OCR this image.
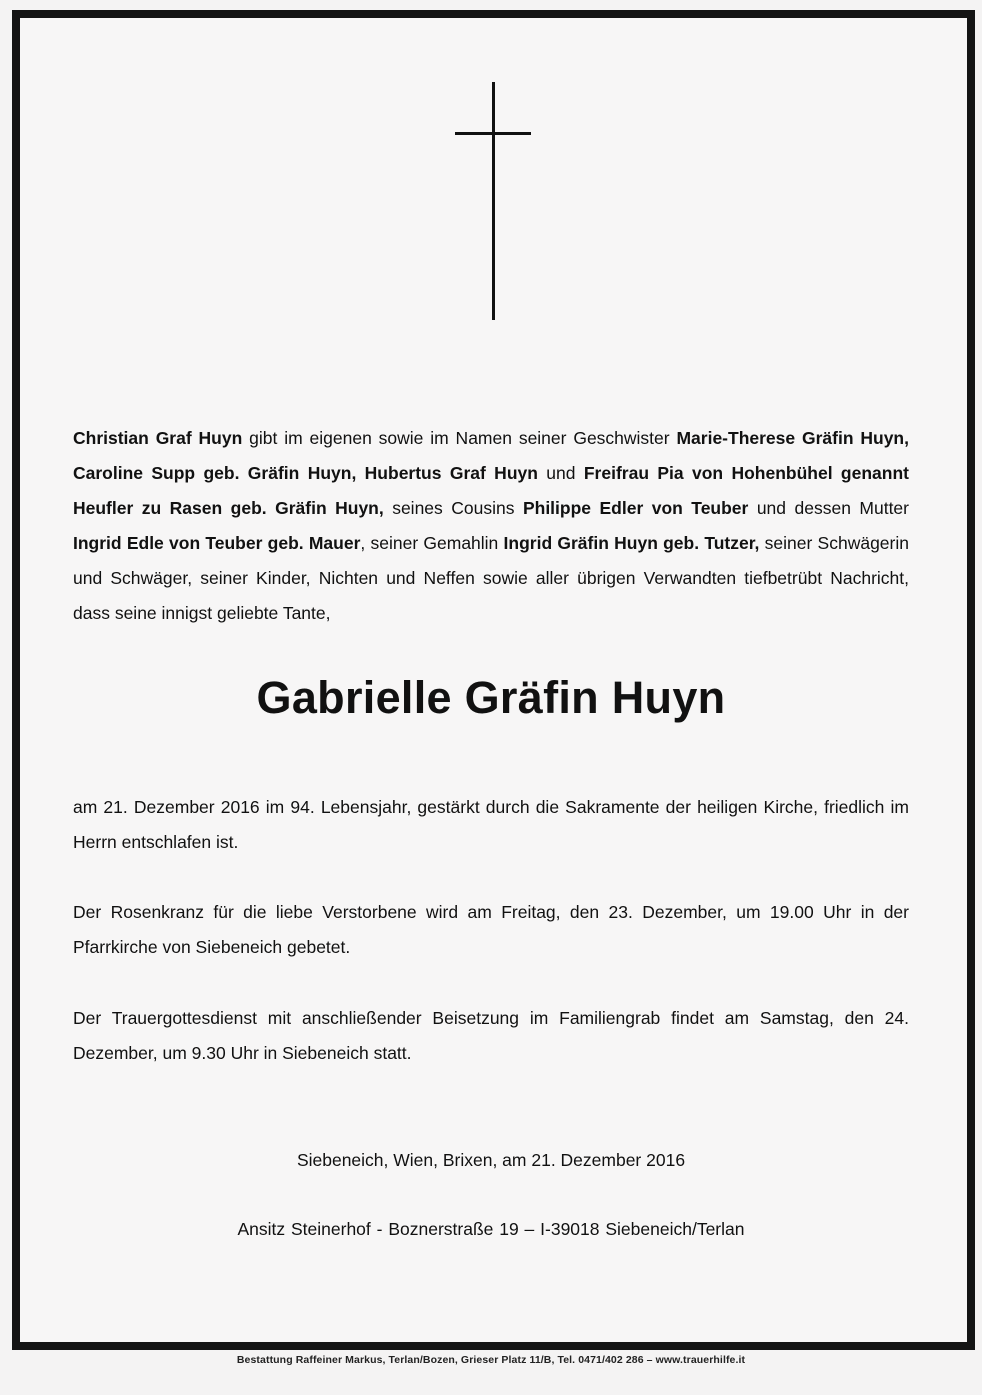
Christian Graf Huyn gibt im eigenen sowie im Namen seiner Geschwister Marie-Therese Gräfin Huyn, Caroline Supp geb. Gräfin Huyn, Hubertus Graf Huyn und Freifrau Pia von Hohenbühel genannt Heufler zu Rasen geb. Gräfin Huyn, seines Cousins Philippe Edler von Teuber und dessen Mutter Ingrid Edle von Teuber geb. Mauer, seiner Gemahlin Ingrid Gräfin Huyn geb. Tutzer, seiner Schwägerin und Schwäger, seiner Kinder, Nichten und Neffen sowie aller übrigen Verwandten tiefbetrübt Nachricht, dass seine innigst geliebte Tante,
Gabrielle Gräfin Huyn
am 21. Dezember 2016 im 94. Lebensjahr, gestärkt durch die Sakramente der heiligen Kirche, friedlich im Herrn entschlafen ist.
Der Rosenkranz für die liebe Verstorbene wird am Freitag, den 23. Dezember, um 19.00 Uhr in der Pfarrkirche von Siebeneich gebetet.
Der Trauergottesdienst mit anschließender Beisetzung im Familiengrab findet am Samstag, den 24. Dezember, um 9.30 Uhr in Siebeneich statt.
Siebeneich, Wien, Brixen, am 21. Dezember 2016
Ansitz Steinerhof - Boznerstraße 19 – I-39018 Siebeneich/Terlan
Bestattung Raffeiner Markus, Terlan/Bozen, Grieser Platz 11/B, Tel. 0471/402 286 – www.trauerhilfe.it
